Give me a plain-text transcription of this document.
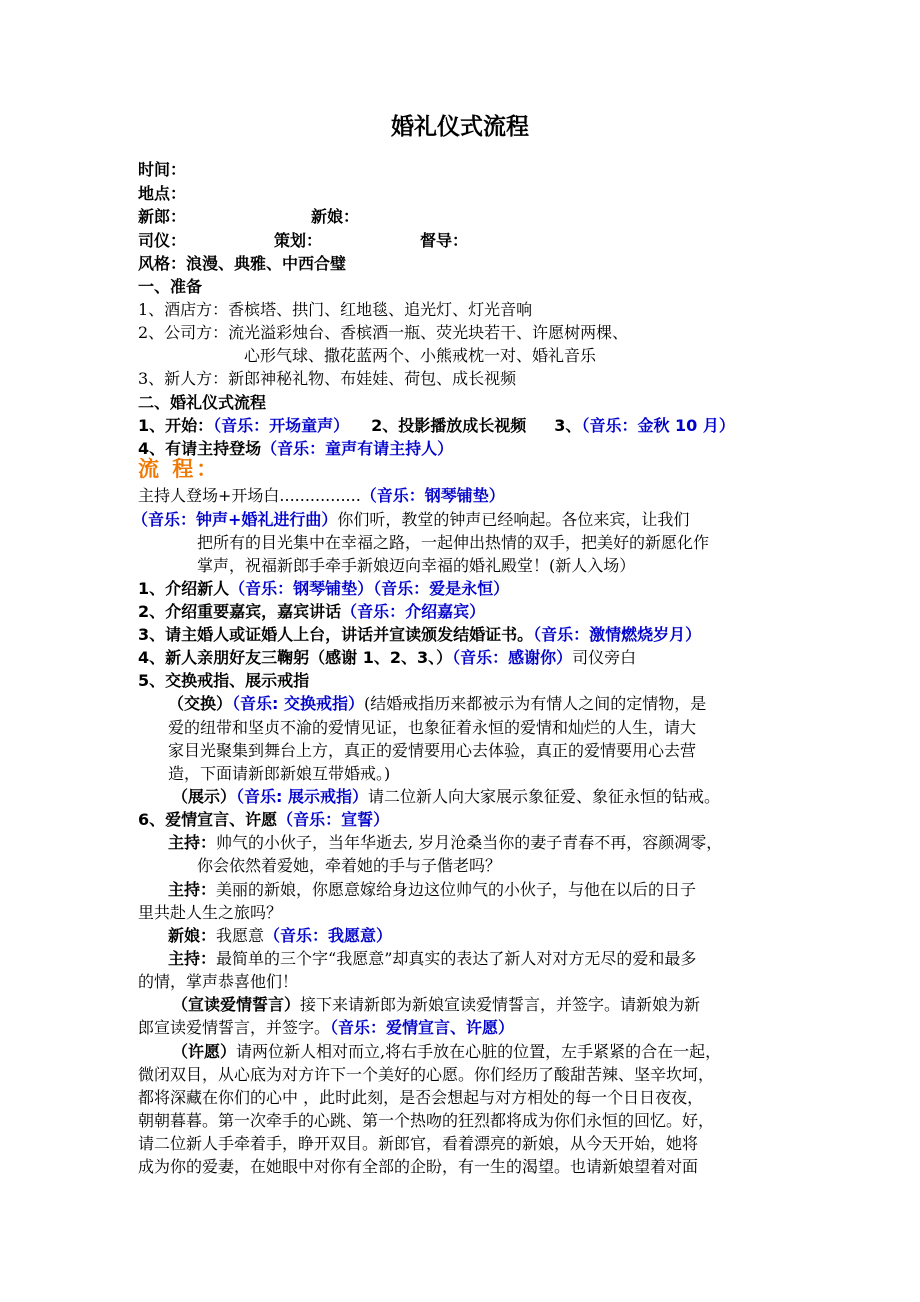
婚礼仪式流程
时间：
地点：
新郎：	新娘：
司仪：	策划：	督导：
风格：浪漫、典雅、中西合璧
一、准备
1、酒店方：香槟塔、拱门、红地毯、追光灯、灯光音响
2、公司方：流光溢彩烛台、香槟酒一瓶、荧光块若干、许愿树两棵、
心形气球、撒花蓝两个、小熊戒枕一对、婚礼音乐
3、新人方：新郎神秘礼物、布娃娃、荷包、成长视频
二、婚礼仪式流程
1、开始：（音乐：开场童声） 2、投影播放成长视频 3、（音乐：金秋 10 月）
4、有请主持登场（音乐：童声有请主持人）
流 程：
主持人登场+开场白................（音乐：钢琴铺垫）
（音乐：钟声+婚礼进行曲）你们听，教堂的钟声已经响起。各位来宾，让我们
把所有的目光集中在幸福之路，一起伸出热情的双手，把美好的新愿化作
掌声，祝福新郎手牵手新娘迈向幸福的婚礼殿堂！(新人入场）
1、介绍新人（音乐：钢琴铺垫）（音乐：爱是永恒）
2、介绍重要嘉宾，嘉宾讲话（音乐：介绍嘉宾）
3、请主婚人或证婚人上台，讲话并宣读颁发结婚证书。（音乐：激情燃烧岁月）
4、新人亲朋好友三鞠躬（感谢 1、2、3、）（音乐：感谢你）司仪旁白
5、交换戒指、展示戒指
（交换）（音乐: 交换戒指）(结婚戒指历来都被示为有情人之间的定情物，是
爱的纽带和坚贞不渝的爱情见证，也象征着永恒的爱情和灿烂的人生，请大
家目光聚集到舞台上方，真正的爱情要用心去体验，真正的爱情要用心去营
造，下面请新郎新娘互带婚戒。)
（展示）（音乐: 展示戒指）请二位新人向大家展示象征爱、象征永恒的钻戒。
6、爱情宣言、许愿（音乐：宣誓）
主持：帅气的小伙子，当年华逝去, 岁月沧桑当你的妻子青春不再，容颜凋零，
你会依然着爱她，牵着她的手与子偕老吗？
主持：美丽的新娘，你愿意嫁给身边这位帅气的小伙子，与他在以后的日子
里共赴人生之旅吗？
新娘：我愿意（音乐：我愿意）
主持：最简单的三个字“我愿意”却真实的表达了新人对对方无尽的爱和最多
的情，掌声恭喜他们！
（宣读爱情誓言）接下来请新郎为新娘宣读爱情誓言，并签字。请新娘为新
郎宣读爱情誓言，并签字。（音乐：爱情宣言、许愿）
（许愿）请两位新人相对而立,将右手放在心脏的位置，左手紧紧的合在一起，
微闭双目，从心底为对方许下一个美好的心愿。你们经历了酸甜苦辣、坚辛坎坷，
都将深藏在你们的心中 ，此时此刻，是否会想起与对方相处的每一个日日夜夜，
朝朝暮暮。第一次牵手的心跳、第一个热吻的狂烈都将成为你们永恒的回忆。好，
请二位新人手牵着手，睁开双目。新郎官，看着漂亮的新娘，从今天开始，她将
成为你的爱妻，在她眼中对你有全部的企盼，有一生的渴望。也请新娘望着对面
